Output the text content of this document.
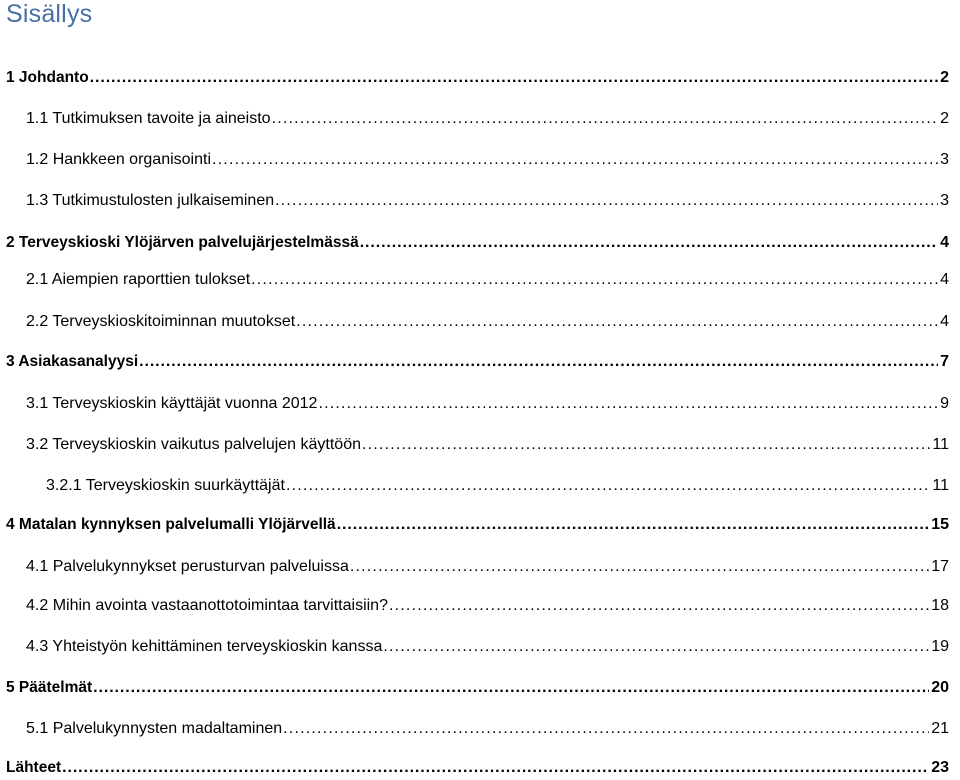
Sisällys
1 Johdanto .....	2
1.1 Tutkimuksen tavoite ja aineisto .....	2
1.2 Hankkeen organisointi .....	3
1.3 Tutkimustulosten julkaiseminen .....	3
2 Terveyskioski Ylöjärven palvelujärjestelmässä .....	4
2.1 Aiempien raporttien tulokset .....	4
2.2 Terveyskioskitoiminnan muutokset .....	4
3 Asiakasanalyysi .....	7
3.1 Terveyskioskin käyttäjät vuonna 2012 .....	9
3.2 Terveyskioskin vaikutus palvelujen käyttöön .....	11
3.2.1 Terveyskioskin suurkäyttäjät .....	11
4 Matalan kynnyksen palvelumalli Ylöjärvellä .....	15
4.1 Palvelukynnykset perusturvan palveluissa .....	17
4.2 Mihin avointa vastaanottotoimintaa tarvittaisiin? .....	18
4.3 Yhteistyön kehittäminen terveyskioskin kanssa .....	19
5 Päätelmät .....	20
5.1 Palvelukynnysten madaltaminen .....	21
Lähteet .....	23
